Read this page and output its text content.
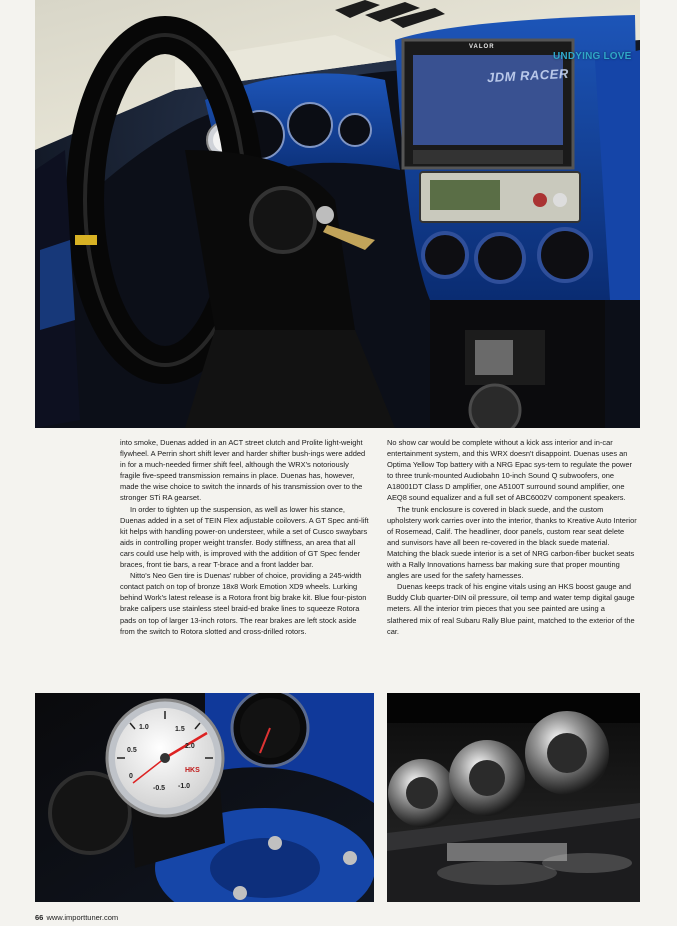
VALOR
JDM RACER
UNDYING LOVE

into smoke, Duenas added in an ACT street clutch and Prolite light-weight flywheel. A Perrin short shift lever and harder shifter bush-ings were added in for a much-needed firmer shift feel, although the WRX's notoriously fragile five-speed transmission remains in place. Duenas has, however, made the wise choice to switch the innards of his transmission over to the stronger STi RA gearset.

In order to tighten up the suspension, as well as lower his stance, Duenas added in a set of TEIN Flex adjustable coilovers. A GT Spec anti-lift kit helps with handling power-on understeer, while a set of Cusco swaybars aids in controlling proper weight transfer. Body stiffness, an area that all cars could use help with, is improved with the addition of GT Spec fender braces, front tie bars, a rear T-brace and a front ladder bar.

Nitto's Neo Gen tire is Duenas' rubber of choice, providing a 245-width contact patch on top of bronze 18x8 Work Emotion XD9 wheels. Lurking behind Work's latest release is a Rotora front big brake kit. Blue four-piston brake calipers use stainless steel braid-ed brake lines to squeeze Rotora pads on top of larger 13-inch rotors. The rear brakes are left stock aside from the switch to Rotora slotted and cross-drilled rotors.

No show car would be complete without a kick ass interior and in-car entertainment system, and this WRX doesn't disappoint. Duenas uses an Optima Yellow Top battery with a NRG Epac sys-tem to regulate the power to three trunk-mounted Audiobahn 10-inch Sound Q subwoofers, one A18001DT Class D amplifier, one A5100T surround sound amplifier, one AEQ8 sound equalizer and a full set of ABC6002V component speakers.

The trunk enclosure is covered in black suede, and the custom upholstery work carries over into the interior, thanks to Kreative Auto Interior of Rosemead, Calif. The headliner, door panels, custom rear seat delete and sunvisors have all been re-covered in the black suede material. Matching the black suede interior is a set of NRG carbon-fiber bucket seats with a Rally Innovations harness bar making sure that proper mounting angles are used for the safety harnesses.

Duenas keeps track of his engine vitals using an HKS boost gauge and Buddy Club quarter-DIN oil pressure, oil temp and water temp digital gauge meters. All the interior trim pieces that you see painted are using a slathered mix of real Subaru Rally Blue paint, matched to the exterior of the car.

1.0	1.5
0.5
2.0
0
-0.5 -1.0
HKS
66 www.importtuner.com
